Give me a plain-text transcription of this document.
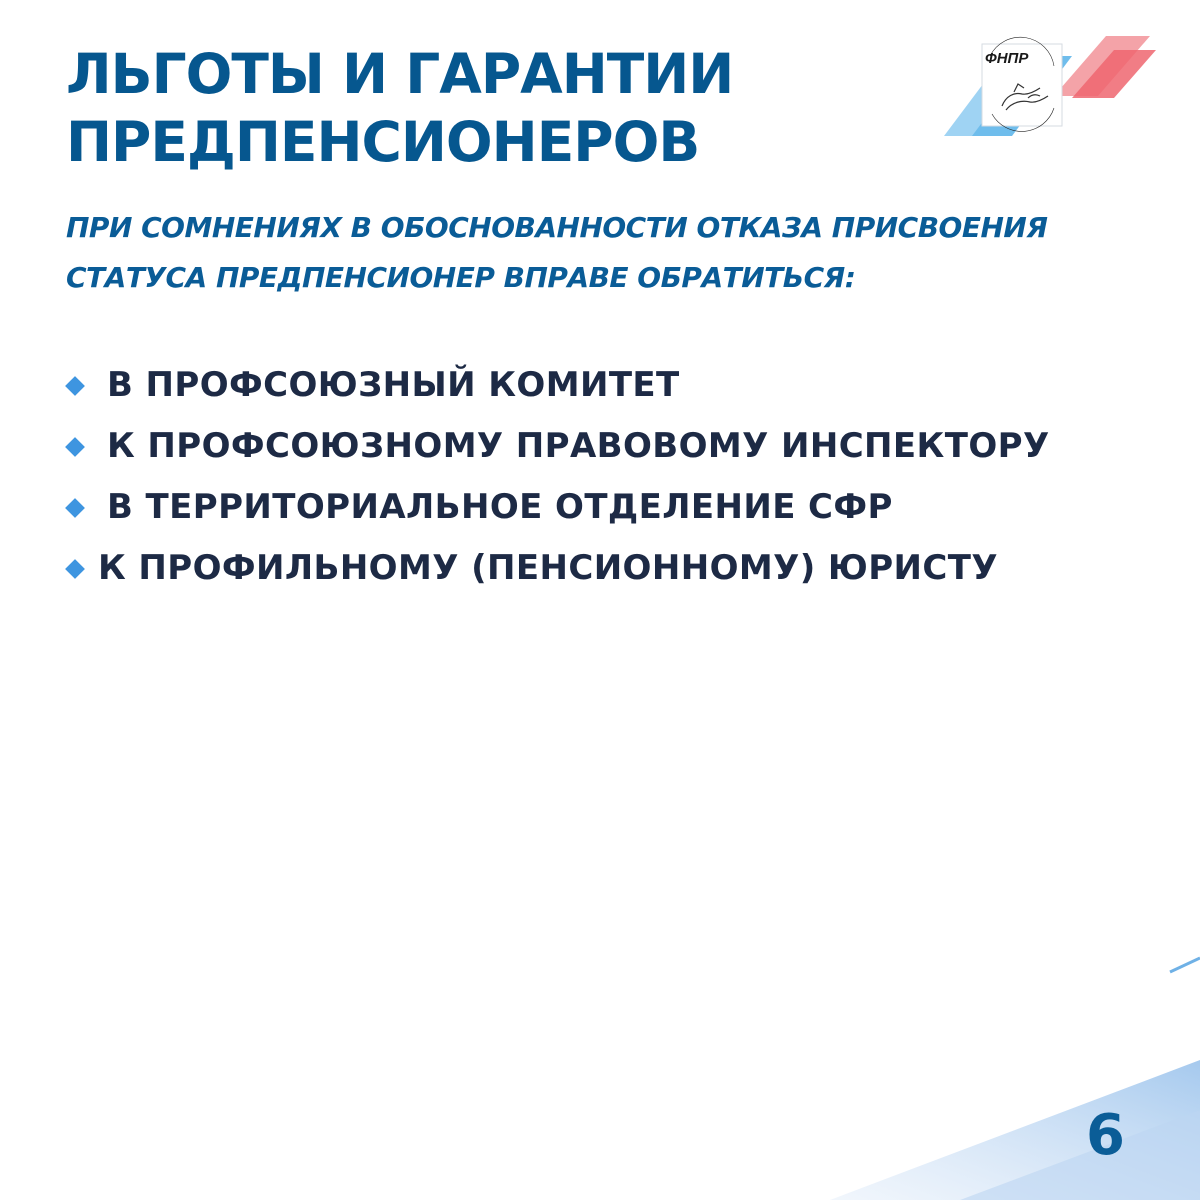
ЛЬГОТЫ И ГАРАНТИИ
ПРЕДПЕНСИОНЕРОВ
ПРИ СОМНЕНИЯХ В ОБОСНОВАННОСТИ ОТКАЗА ПРИСВОЕНИЯ
СТАТУСА ПРЕДПЕНСИОНЕР ВПРАВЕ ОБРАТИТЬСЯ:
В ПРОФСОЮЗНЫЙ КОМИТЕТ
К ПРОФСОЮЗНОМУ ПРАВОВОМУ ИНСПЕКТОРУ
В ТЕРРИТОРИАЛЬНОЕ ОТДЕЛЕНИЕ СФР
К ПРОФИЛЬНОМУ (ПЕНСИОННОМУ) ЮРИСТУ
ФНПР
6
